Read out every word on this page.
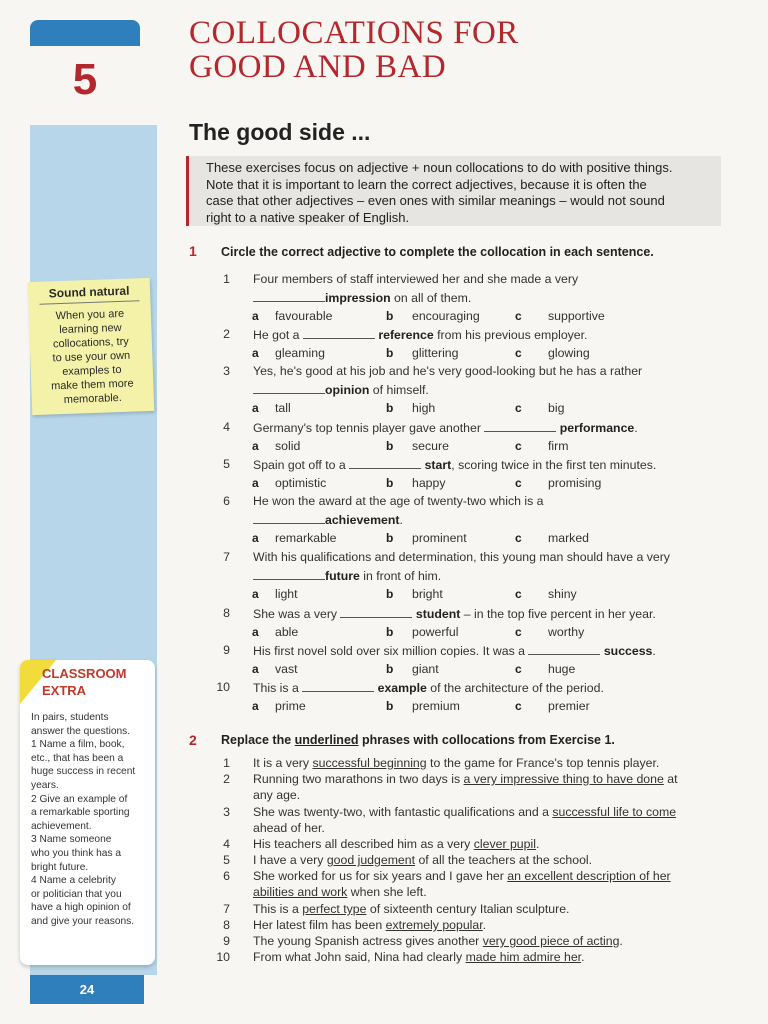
5
Sound natural
When you are
learning new
collocations, try
to use your own
examples to
make them more
memorable.
CLASSROOM
EXTRA
In pairs, students
answer the questions.
1 Name a film, book,
etc., that has been a
huge success in recent
years.
2 Give an example of
a remarkable sporting
achievement.
3 Name someone
who you think has a
bright future.
4 Name a celebrity
or politician that you
have a high opinion of
and give your reasons.
24
COLLOCATIONS FOR
GOOD AND BAD
The good side ...
These exercises focus on adjective + noun collocations to do with positive things.
Note that it is important to learn the correct adjectives, because it is often the
case that other adjectives – even ones with similar meanings – would not sound
right to a native speaker of English.
1 Circle the correct adjective to complete the collocation in each sentence.
1 Four members of staff interviewed her and she made a very
impression on all of them.
a favourable	b encouraging	c supportive
2 He got a	reference from his previous employer.
a gleaming	b glittering	c glowing
3 Yes, he's good at his job and he's very good-looking but he has a rather
opinion of himself.
a tall	b high	c big
4 Germany's top tennis player gave another	performance.
a solid	b secure	c firm
5 Spain got off to a	start, scoring twice in the first ten minutes.
a optimistic	b happy	c promising
6 He won the award at the age of twenty-two which is a
achievement.
a remarkable	b prominent	c marked
7 With his qualifications and determination, this young man should have a very
future in front of him.
a light	b bright	c shiny
8 She was a very	student – in the top five percent in her year.
a able	b powerful	c worthy
9 His first novel sold over six million copies. It was a	success.
a vast	b giant	c huge
10 This is a	example of the architecture of the period.
a prime	b premium	c premier
2 Replace the underlined phrases with collocations from Exercise 1.
1 It is a very successful beginning to the game for France's top tennis player.
2 Running two marathons in two days is a very impressive thing to have done at
any age.
3 She was twenty-two, with fantastic qualifications and a successful life to come
ahead of her.
4 His teachers all described him as a very clever pupil.
5 I have a very good judgement of all the teachers at the school.
6 She worked for us for six years and I gave her an excellent description of her
abilities and work when she left.
7 This is a perfect type of sixteenth century Italian sculpture.
8 Her latest film has been extremely popular.
9 The young Spanish actress gives another very good piece of acting.
10 From what John said, Nina had clearly made him admire her.
